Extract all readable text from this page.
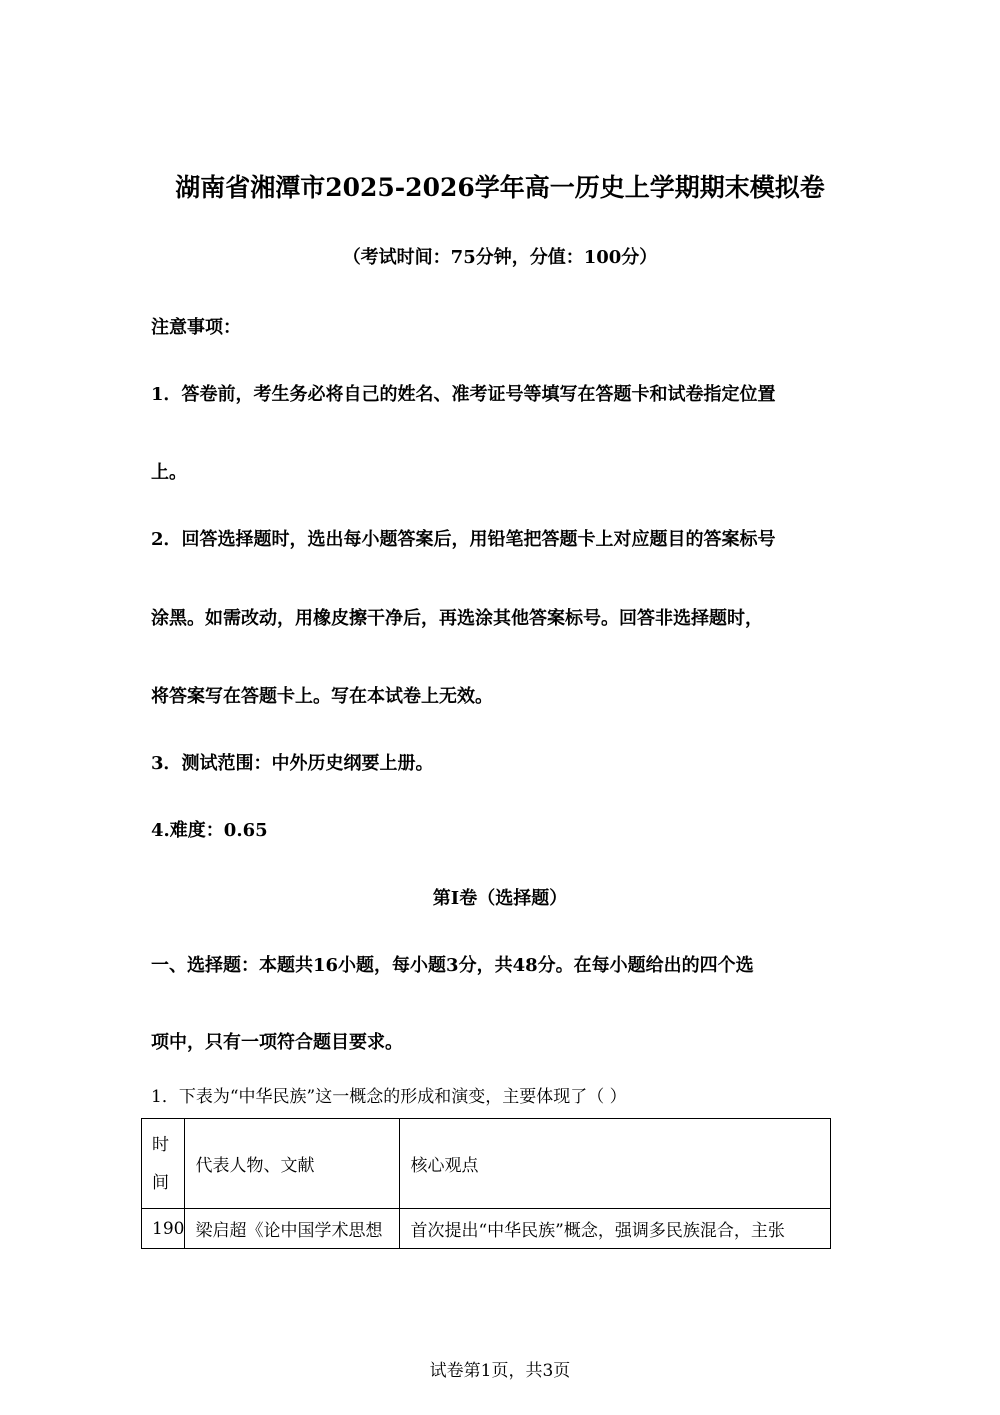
湖南省湘潭市2025-2026学年高一历史上学期期末模拟卷
（考试时间：75分钟，分值：100分）
注意事项：
1．答卷前，考生务必将自己的姓名、准考证号等填写在答题卡和试卷指定位置
上。
2．回答选择题时，选出每小题答案后，用铅笔把答题卡上对应题目的答案标号
涂黑。如需改动，用橡皮擦干净后，再选涂其他答案标号。回答非选择题时，
将答案写在答题卡上。写在本试卷上无效。
3．测试范围：中外历史纲要上册。
4.难度：0.65
第Ⅰ卷（选择题）
一、选择题：本题共16小题，每小题3分，共48分。在每小题给出的四个选
项中，只有一项符合题目要求。
1．下表为“中华民族”这一概念的形成和演变，主要体现了（ ）
时间	代表人物、文献	核心观点

190	梁启超《论中国学术思想	首次提出“中华民族”概念，强调多民族混合，主张
试卷第1页，共3页
